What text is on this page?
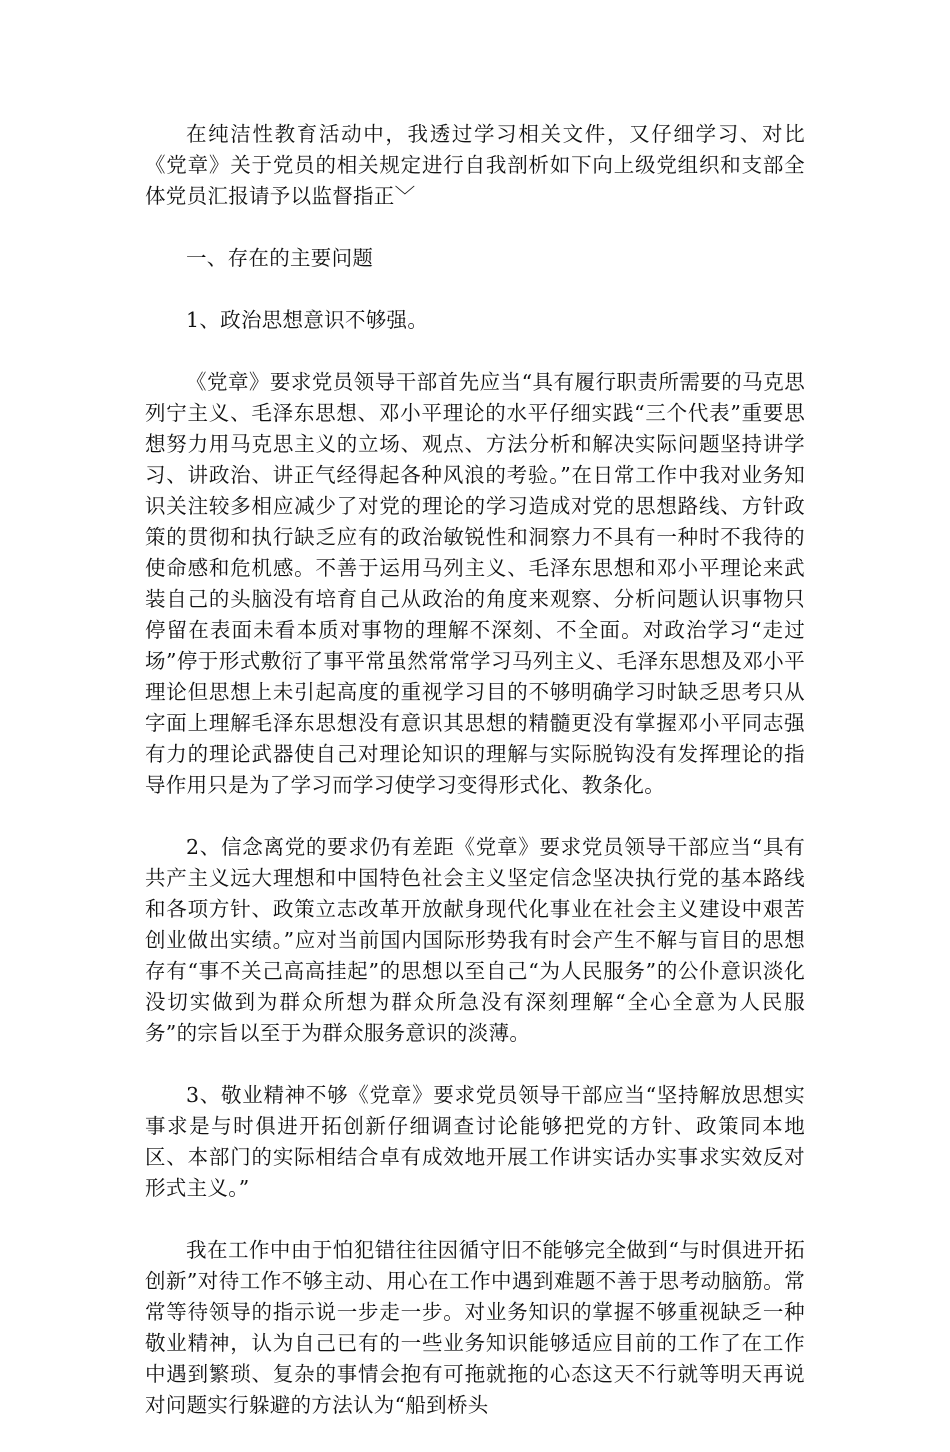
在纯洁性教育活动中，我透过学习相关文件，又仔细学习、对比《党章》关于党员的相关规定进行自我剖析如下向上级党组织和支部全体党员汇报请予以监督指正﹀

一、存在的主要问题

1、政治思想意识不够强。

《党章》要求党员领导干部首先应当“具有履行职责所需要的马克思列宁主义、毛泽东思想、邓小平理论的水平仔细实践“三个代表”重要思想努力用马克思主义的立场、观点、方法分析和解决实际问题坚持讲学习、讲政治、讲正气经得起各种风浪的考验。”在日常工作中我对业务知识关注较多相应减少了对党的理论的学习造成对党的思想路线、方针政策的贯彻和执行缺乏应有的政治敏锐性和洞察力不具有一种时不我待的使命感和危机感。不善于运用马列主义、毛泽东思想和邓小平理论来武装自己的头脑没有培育自己从政治的角度来观察、分析问题认识事物只停留在表面未看本质对事物的理解不深刻、不全面。对政治学习“走过场”停于形式敷衍了事平常虽然常常学习马列主义、毛泽东思想及邓小平理论但思想上未引起高度的重视学习目的不够明确学习时缺乏思考只从字面上理解毛泽东思想没有意识其思想的精髓更没有掌握邓小平同志强有力的理论武器使自己对理论知识的理解与实际脱钩没有发挥理论的指导作用只是为了学习而学习使学习变得形式化、教条化。

2、信念离党的要求仍有差距《党章》要求党员领导干部应当“具有共产主义远大理想和中国特色社会主义坚定信念坚决执行党的基本路线和各项方针、政策立志改革开放献身现代化事业在社会主义建设中艰苦创业做出实绩。”应对当前国内国际形势我有时会产生不解与盲目的思想存有“事不关己高高挂起”的思想以至自己“为人民服务”的公仆意识淡化没切实做到为群众所想为群众所急没有深刻理解“全心全意为人民服务”的宗旨以至于为群众服务意识的淡薄。

3、敬业精神不够《党章》要求党员领导干部应当“坚持解放思想实事求是与时俱进开拓创新仔细调查讨论能够把党的方针、政策同本地区、本部门的实际相结合卓有成效地开展工作讲实话办实事求实效反对形式主义。”

我在工作中由于怕犯错往往因循守旧不能够完全做到“与时俱进开拓创新”对待工作不够主动、用心在工作中遇到难题不善于思考动脑筋。常常等待领导的指示说一步走一步。对业务知识的掌握不够重视缺乏一种敬业精神，认为自己已有的一些业务知识能够适应目前的工作了在工作中遇到繁琐、复杂的事情会抱有可拖就拖的心态这天不行就等明天再说对问题实行躲避的方法认为“船到桥头
